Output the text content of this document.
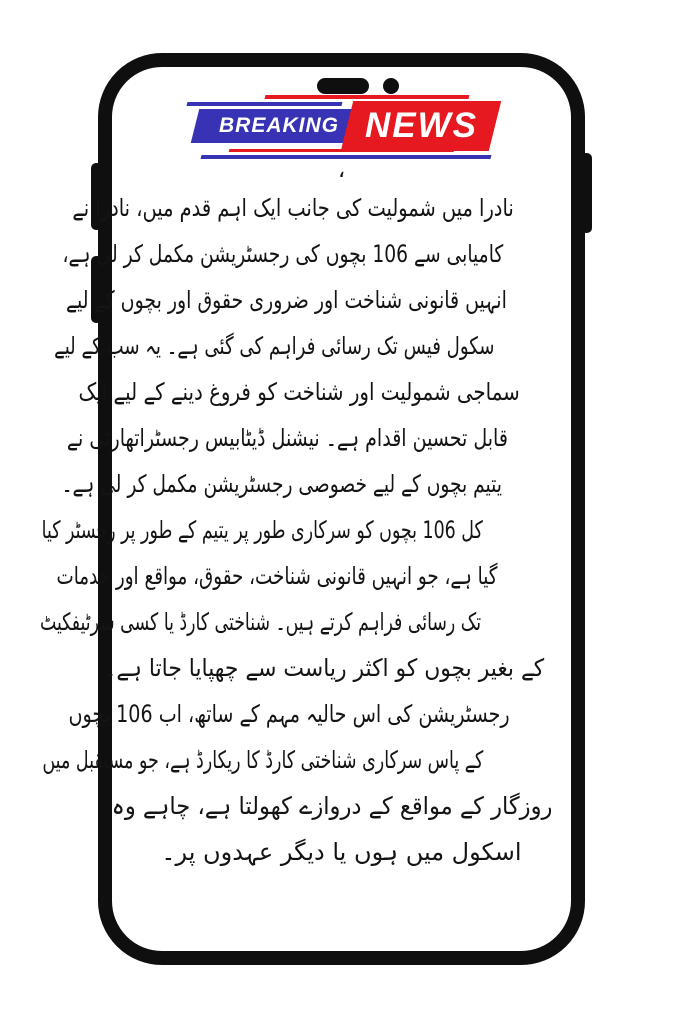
BREAKING NEWS
،
نادرا میں شمولیت کی جانب ایک اہم قدم میں، نادرا نے
کامیابی سے 106 بچوں کی رجسٹریشن مکمل کر لی ہے،
انہیں قانونی شناخت اور ضروری حقوق اور بچوں کے لیے
سکول فیس تک رسائی فراہم کی گئی ہے۔ یہ سب کے لیے
سماجی شمولیت اور شناخت کو فروغ دینے کے لیے ایک
قابل تحسین اقدام ہے۔ نیشنل ڈیٹابیس رجسٹراتھارٹی نے
یتیم بچوں کے لیے خصوصی رجسٹریشن مکمل کر لی ہے۔
کل 106 بچوں کو سرکاری طور پر یتیم کے طور پر رجسٹر کیا
گیا ہے، جو انہیں قانونی شناخت، حقوق، مواقع اور خدمات
تک رسائی فراہم کرتے ہیں۔ شناختی کارڈ یا کسی سرٹیفکیٹ
کے بغیر بچوں کو اکثر ریاست سے چھپایا جاتا ہے۔
رجسٹریشن کی اس حالیہ مہم کے ساتھ، اب 106 بچوں
کے پاس سرکاری شناختی کارڈ کا ریکارڈ ہے، جو مستقبل میں
روزگار کے مواقع کے دروازے کھولتا ہے، چاہے وہ
اسکول میں ہوں یا دیگر عہدوں پر۔
